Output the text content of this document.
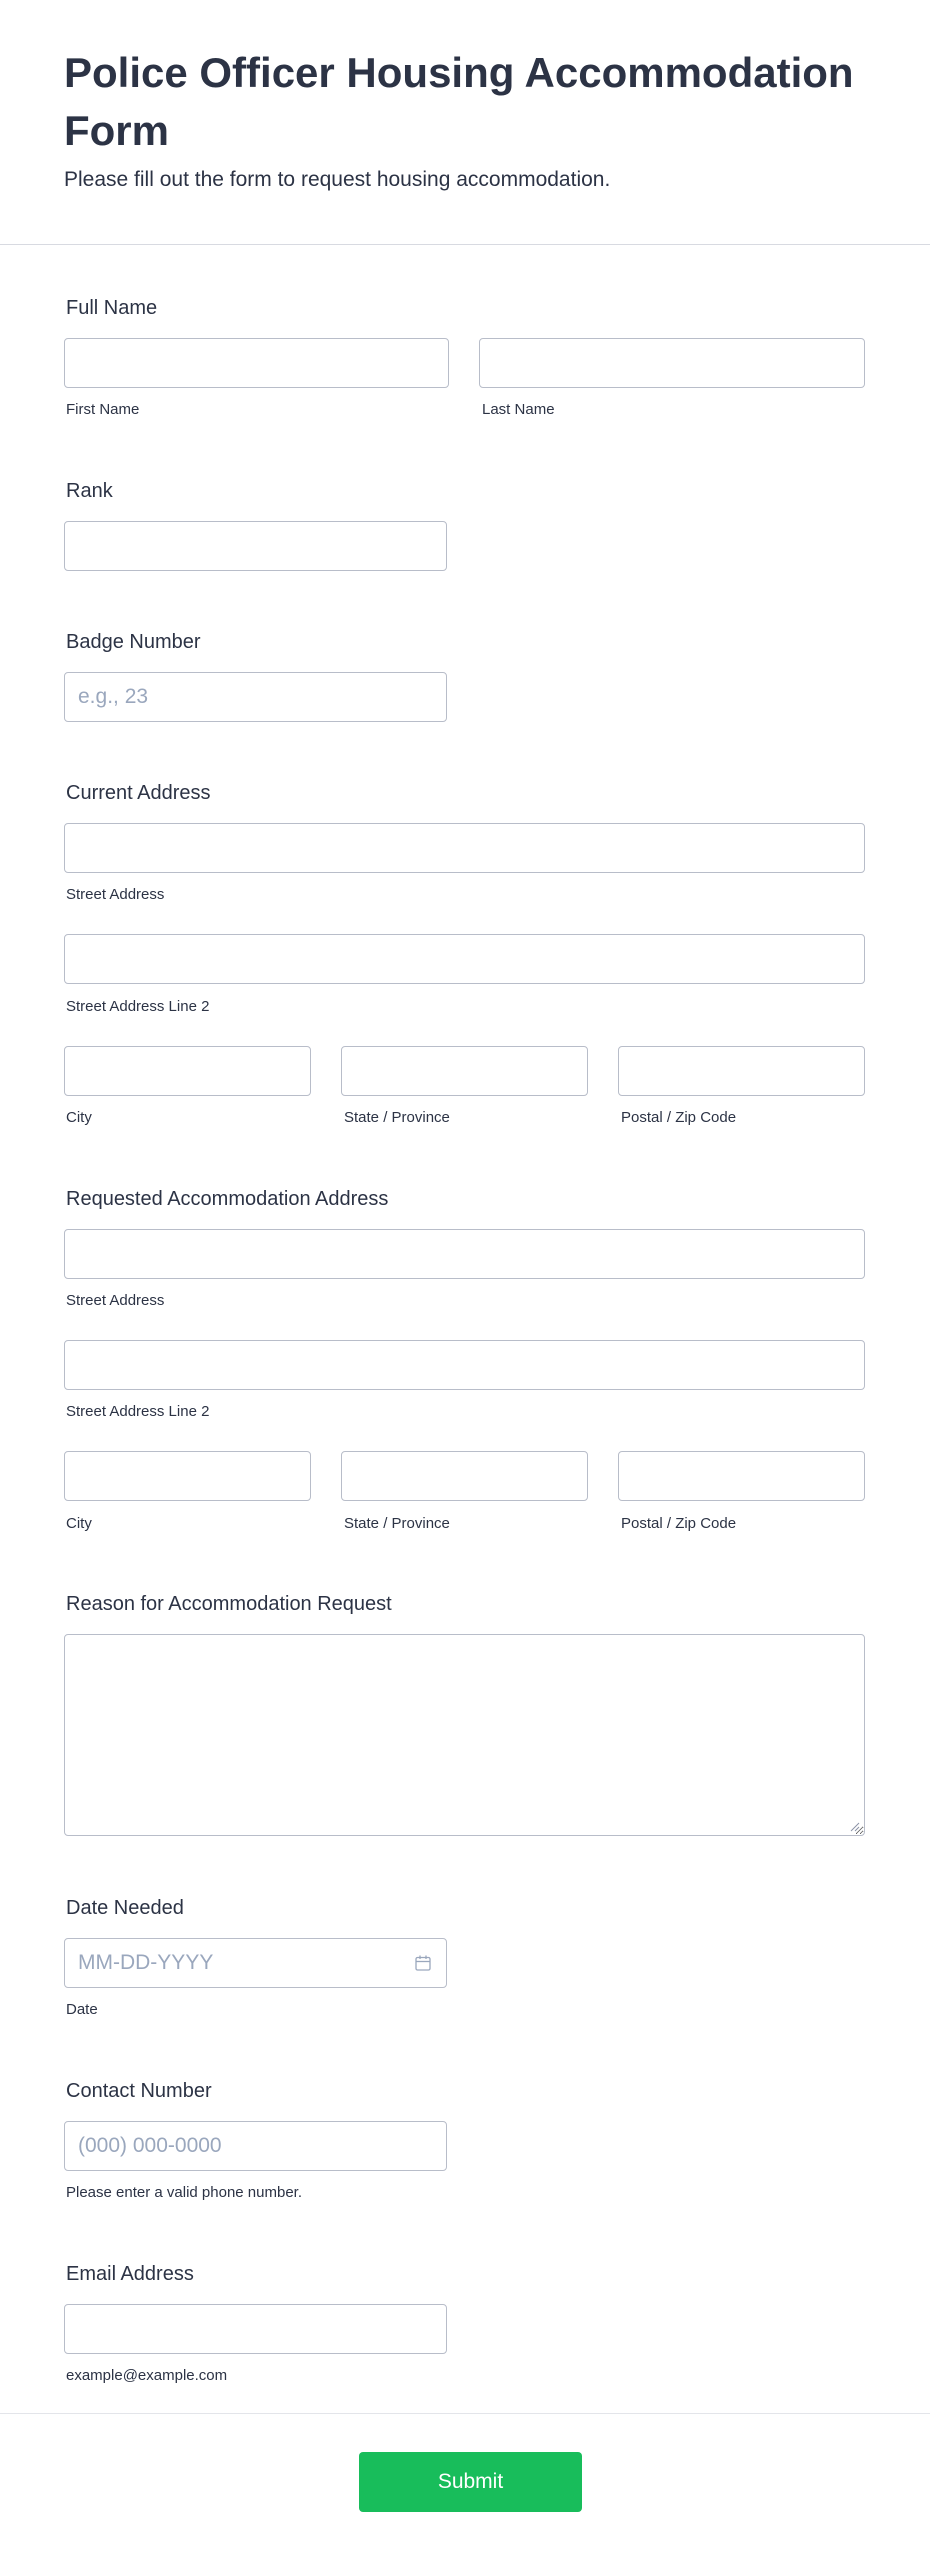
Police Officer Housing Accommodation Form

Please fill out the form to request housing accommodation.

Full Name
First Name	Last Name
Rank
Badge Number
e.g., 23
Current Address
Street Address
Street Address Line 2
City	State / Province	Postal / Zip Code
Requested Accommodation Address
Street Address
Street Address Line 2
City	State / Province	Postal / Zip Code
Reason for Accommodation Request
Date Needed
MM-DD-YYYY
Date
Contact Number
(000) 000-0000
Please enter a valid phone number.
Email Address
example@example.com
Submit
